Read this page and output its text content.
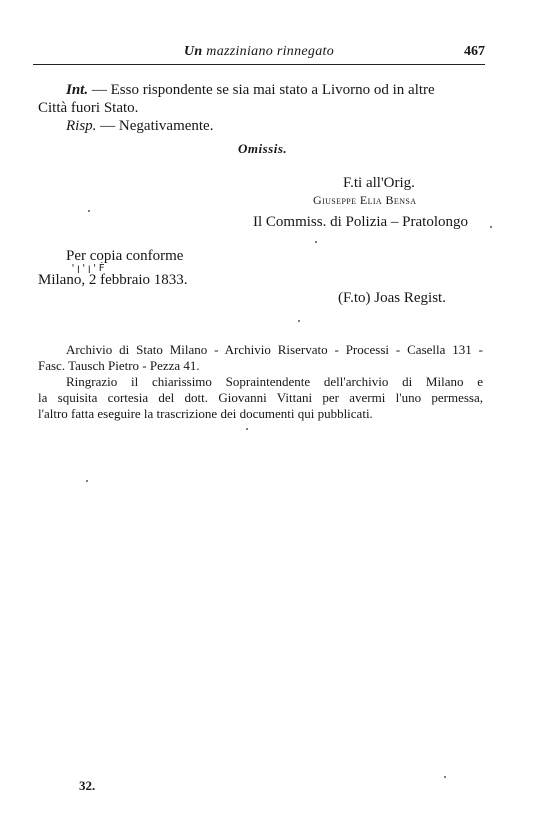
Un mazziniano rinnegato	467
Int. — Esso rispondente se sia mai stato a Livorno od in altre
Città fuori Stato.
Risp. — Negativamente.
Omissis.
F.ti all'Orig.
Giuseppe Elia Bensa
Il Commiss. di Polizia – Pratolongo
Per copia conforme
'ꞁ'ꞁ'Ḟ
Milano, 2 febbraio 1833.
(F.to) Joas Regist.
Archivio di Stato Milano - Archivio Riservato - Processi - Casella 131 -
Fasc. Tausch Pietro - Pezza 41.
Ringrazio il chiarissimo Sopraintendente dell'archivio di Milano e
la squisita cortesia del dott. Giovanni Vittani per avermi l'uno permessa,
l'altro fatta eseguire la trascrizione dei documenti qui pubblicati.
32.
